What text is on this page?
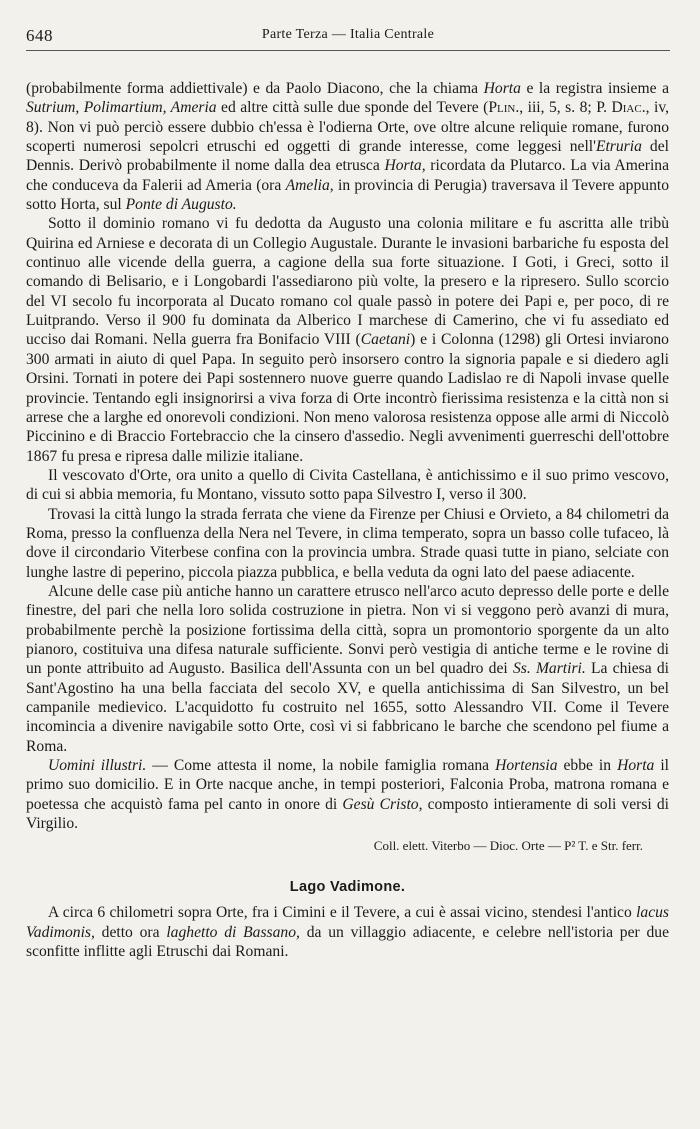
648	Parte Terza — Italia Centrale

(probabilmente forma addiettivale) e da Paolo Diacono, che la chiama Horta e la registra insieme a Sutrium, Polimartium, Ameria ed altre città sulle due sponde del Tevere (Plin., iii, 5, s. 8; P. Diac., iv, 8). Non vi può perciò essere dubbio ch'essa è l'odierna Orte, ove oltre alcune reliquie romane, furono scoperti numerosi sepolcri etruschi ed oggetti di grande interesse, come leggesi nell'Etruria del Dennis. Derivò probabilmente il nome dalla dea etrusca Horta, ricordata da Plutarco. La via Amerina che conduceva da Falerii ad Ameria (ora Amelia, in provincia di Perugia) traversava il Tevere appunto sotto Horta, sul Ponte di Augusto.

Sotto il dominio romano vi fu dedotta da Augusto una colonia militare e fu ascritta alle tribù Quirina ed Arniese e decorata di un Collegio Augustale. Durante le invasioni barbariche fu esposta del continuo alle vicende della guerra, a cagione della sua forte situazione. I Goti, i Greci, sotto il comando di Belisario, e i Longobardi l'assediarono più volte, la presero e la ripresero. Sullo scorcio del VI secolo fu incorporata al Ducato romano col quale passò in potere dei Papi e, per poco, di re Luitprando. Verso il 900 fu dominata da Alberico I marchese di Camerino, che vi fu assediato ed ucciso dai Romani. Nella guerra fra Bonifacio VIII (Caetani) e i Colonna (1298) gli Ortesi inviarono 300 armati in aiuto di quel Papa. In seguito però insorsero contro la signoria papale e si diedero agli Orsini. Tornati in potere dei Papi sostennero nuove guerre quando Ladislao re di Napoli invase quelle provincie. Tentando egli insignorirsi a viva forza di Orte incontrò fierissima resistenza e la città non si arrese che a larghe ed onorevoli condizioni. Non meno valorosa resistenza oppose alle armi di Niccolò Piccinino e di Braccio Fortebraccio che la cinsero d'assedio. Negli avvenimenti guerreschi dell'ottobre 1867 fu presa e ripresa dalle milizie italiane.

Il vescovato d'Orte, ora unito a quello di Civita Castellana, è antichissimo e il suo primo vescovo, di cui si abbia memoria, fu Montano, vissuto sotto papa Silvestro I, verso il 300.

Trovasi la città lungo la strada ferrata che viene da Firenze per Chiusi e Orvieto, a 84 chilometri da Roma, presso la confluenza della Nera nel Tevere, in clima temperato, sopra un basso colle tufaceo, là dove il circondario Viterbese confina con la provincia umbra. Strade quasi tutte in piano, selciate con lunghe lastre di peperino, piccola piazza pubblica, e bella veduta da ogni lato del paese adiacente.

Alcune delle case più antiche hanno un carattere etrusco nell'arco acuto depresso delle porte e delle finestre, del pari che nella loro solida costruzione in pietra. Non vi si veggono però avanzi di mura, probabilmente perchè la posizione fortissima della città, sopra un promontorio sporgente da un alto pianoro, costituiva una difesa naturale sufficiente. Sonvi però vestigia di antiche terme e le rovine di un ponte attribuito ad Augusto. Basilica dell'Assunta con un bel quadro dei Ss. Martiri. La chiesa di Sant'Agostino ha una bella facciata del secolo XV, e quella antichissima di San Silvestro, un bel campanile medievico. L'acquidotto fu costruito nel 1655, sotto Alessandro VII. Come il Tevere incomincia a divenire navigabile sotto Orte, così vi si fabbricano le barche che scendono pel fiume a Roma.

Uomini illustri. — Come attesta il nome, la nobile famiglia romana Hortensia ebbe in Horta il primo suo domicilio. E in Orte nacque anche, in tempi posteriori, Falconia Proba, matrona romana e poetessa che acquistò fama pel canto in onore di Gesù Cristo, composto intieramente di soli versi di Virgilio.

Coll. elett. Viterbo — Dioc. Orte — P² T. e Str. ferr.

Lago Vadimone.

A circa 6 chilometri sopra Orte, fra i Cimini e il Tevere, a cui è assai vicino, stendesi l'antico lacus Vadimonis, detto ora laghetto di Bassano, da un villaggio adiacente, e celebre nell'istoria per due sconfitte inflitte agli Etruschi dai Romani.
